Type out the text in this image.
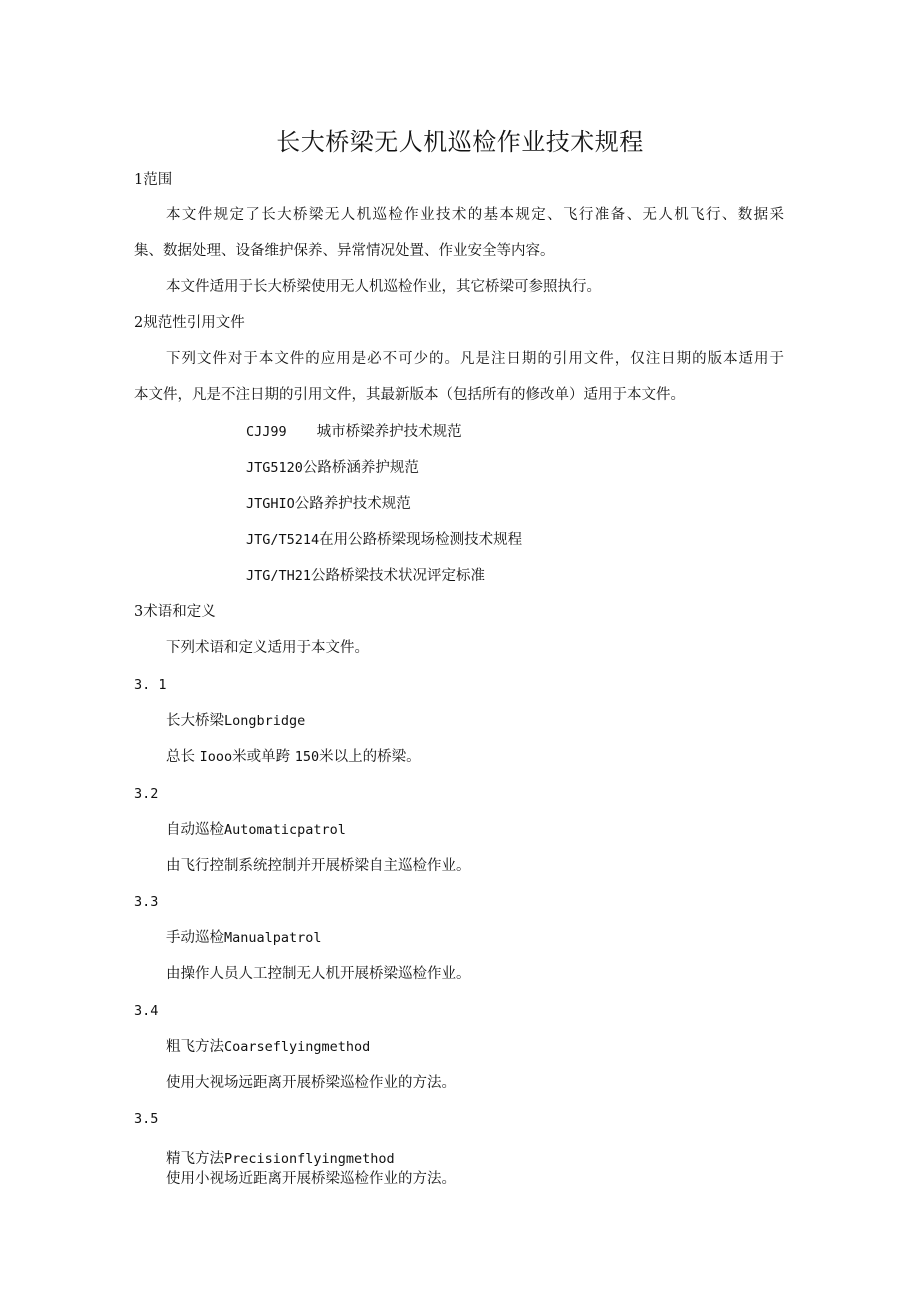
长大桥梁无人机巡检作业技术规程
1范围
本文件规定了长大桥梁无人机巡检作业技术的基本规定、飞行准备、无人机飞行、数据采
集、数据处理、设备维护保养、异常情况处置、作业安全等内容。
本文件适用于长大桥梁使用无人机巡检作业，其它桥梁可参照执行。
2规范性引用文件
下列文件对于本文件的应用是必不可少的。凡是注日期的引用文件，仅注日期的版本适用于
本文件，凡是不注日期的引用文件，其最新版本（包括所有的修改单）适用于本文件。
CJJ99 城市桥梁养护技术规范
JTG5120公路桥涵养护规范
JTGHIO公路养护技术规范
JTG/T5214在用公路桥梁现场检测技术规程
JTG/TH21公路桥梁技术状况评定标准
3术语和定义
下列术语和定义适用于本文件。
3. 1
长大桥梁Longbridge
总长 Iooo米或单跨 150米以上的桥梁。
3.2
自动巡检Automaticpatrol
由飞行控制系统控制并开展桥梁自主巡检作业。
3.3
手动巡检Manualpatrol
由操作人员人工控制无人机开展桥梁巡检作业。
3.4
粗飞方法Coarseflyingmethod
使用大视场远距离开展桥梁巡检作业的方法。
3.5
精飞方法Precisionflyingmethod
使用小视场近距离开展桥梁巡检作业的方法。
